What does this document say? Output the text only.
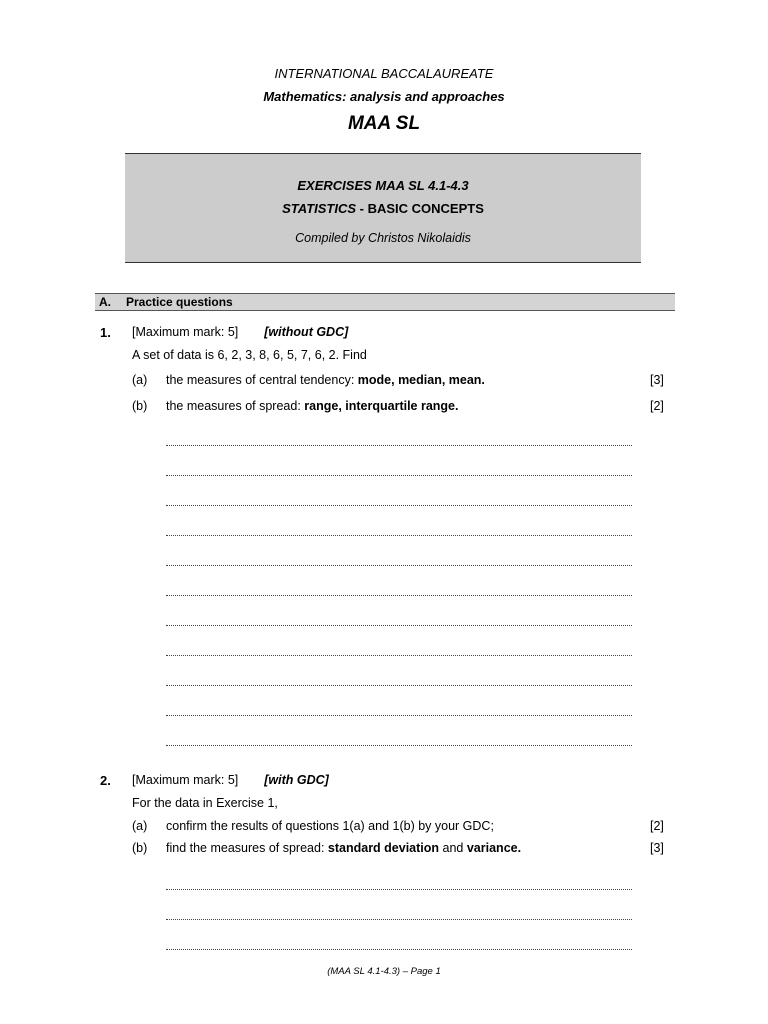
INTERNATIONAL BACCALAUREATE
Mathematics: analysis and approaches
MAA SL
EXERCISES MAA SL 4.1-4.3
STATISTICS - BASIC CONCEPTS
Compiled by Christos Nikolaidis
A. Practice questions
1. [Maximum mark: 5] [without GDC]
A set of data is 6, 2, 3, 8, 6, 5, 7, 6, 2. Find
(a) the measures of central tendency: mode, median, mean.	[3]
(b) the measures of spread: range, interquartile range.	[2]
2. [Maximum mark: 5] [with GDC]
For the data in Exercise 1,
(a) confirm the results of questions 1(a) and 1(b) by your GDC;	[2]
(b) find the measures of spread: standard deviation and variance.	[3]
(MAA SL 4.1-4.3) – Page 1
